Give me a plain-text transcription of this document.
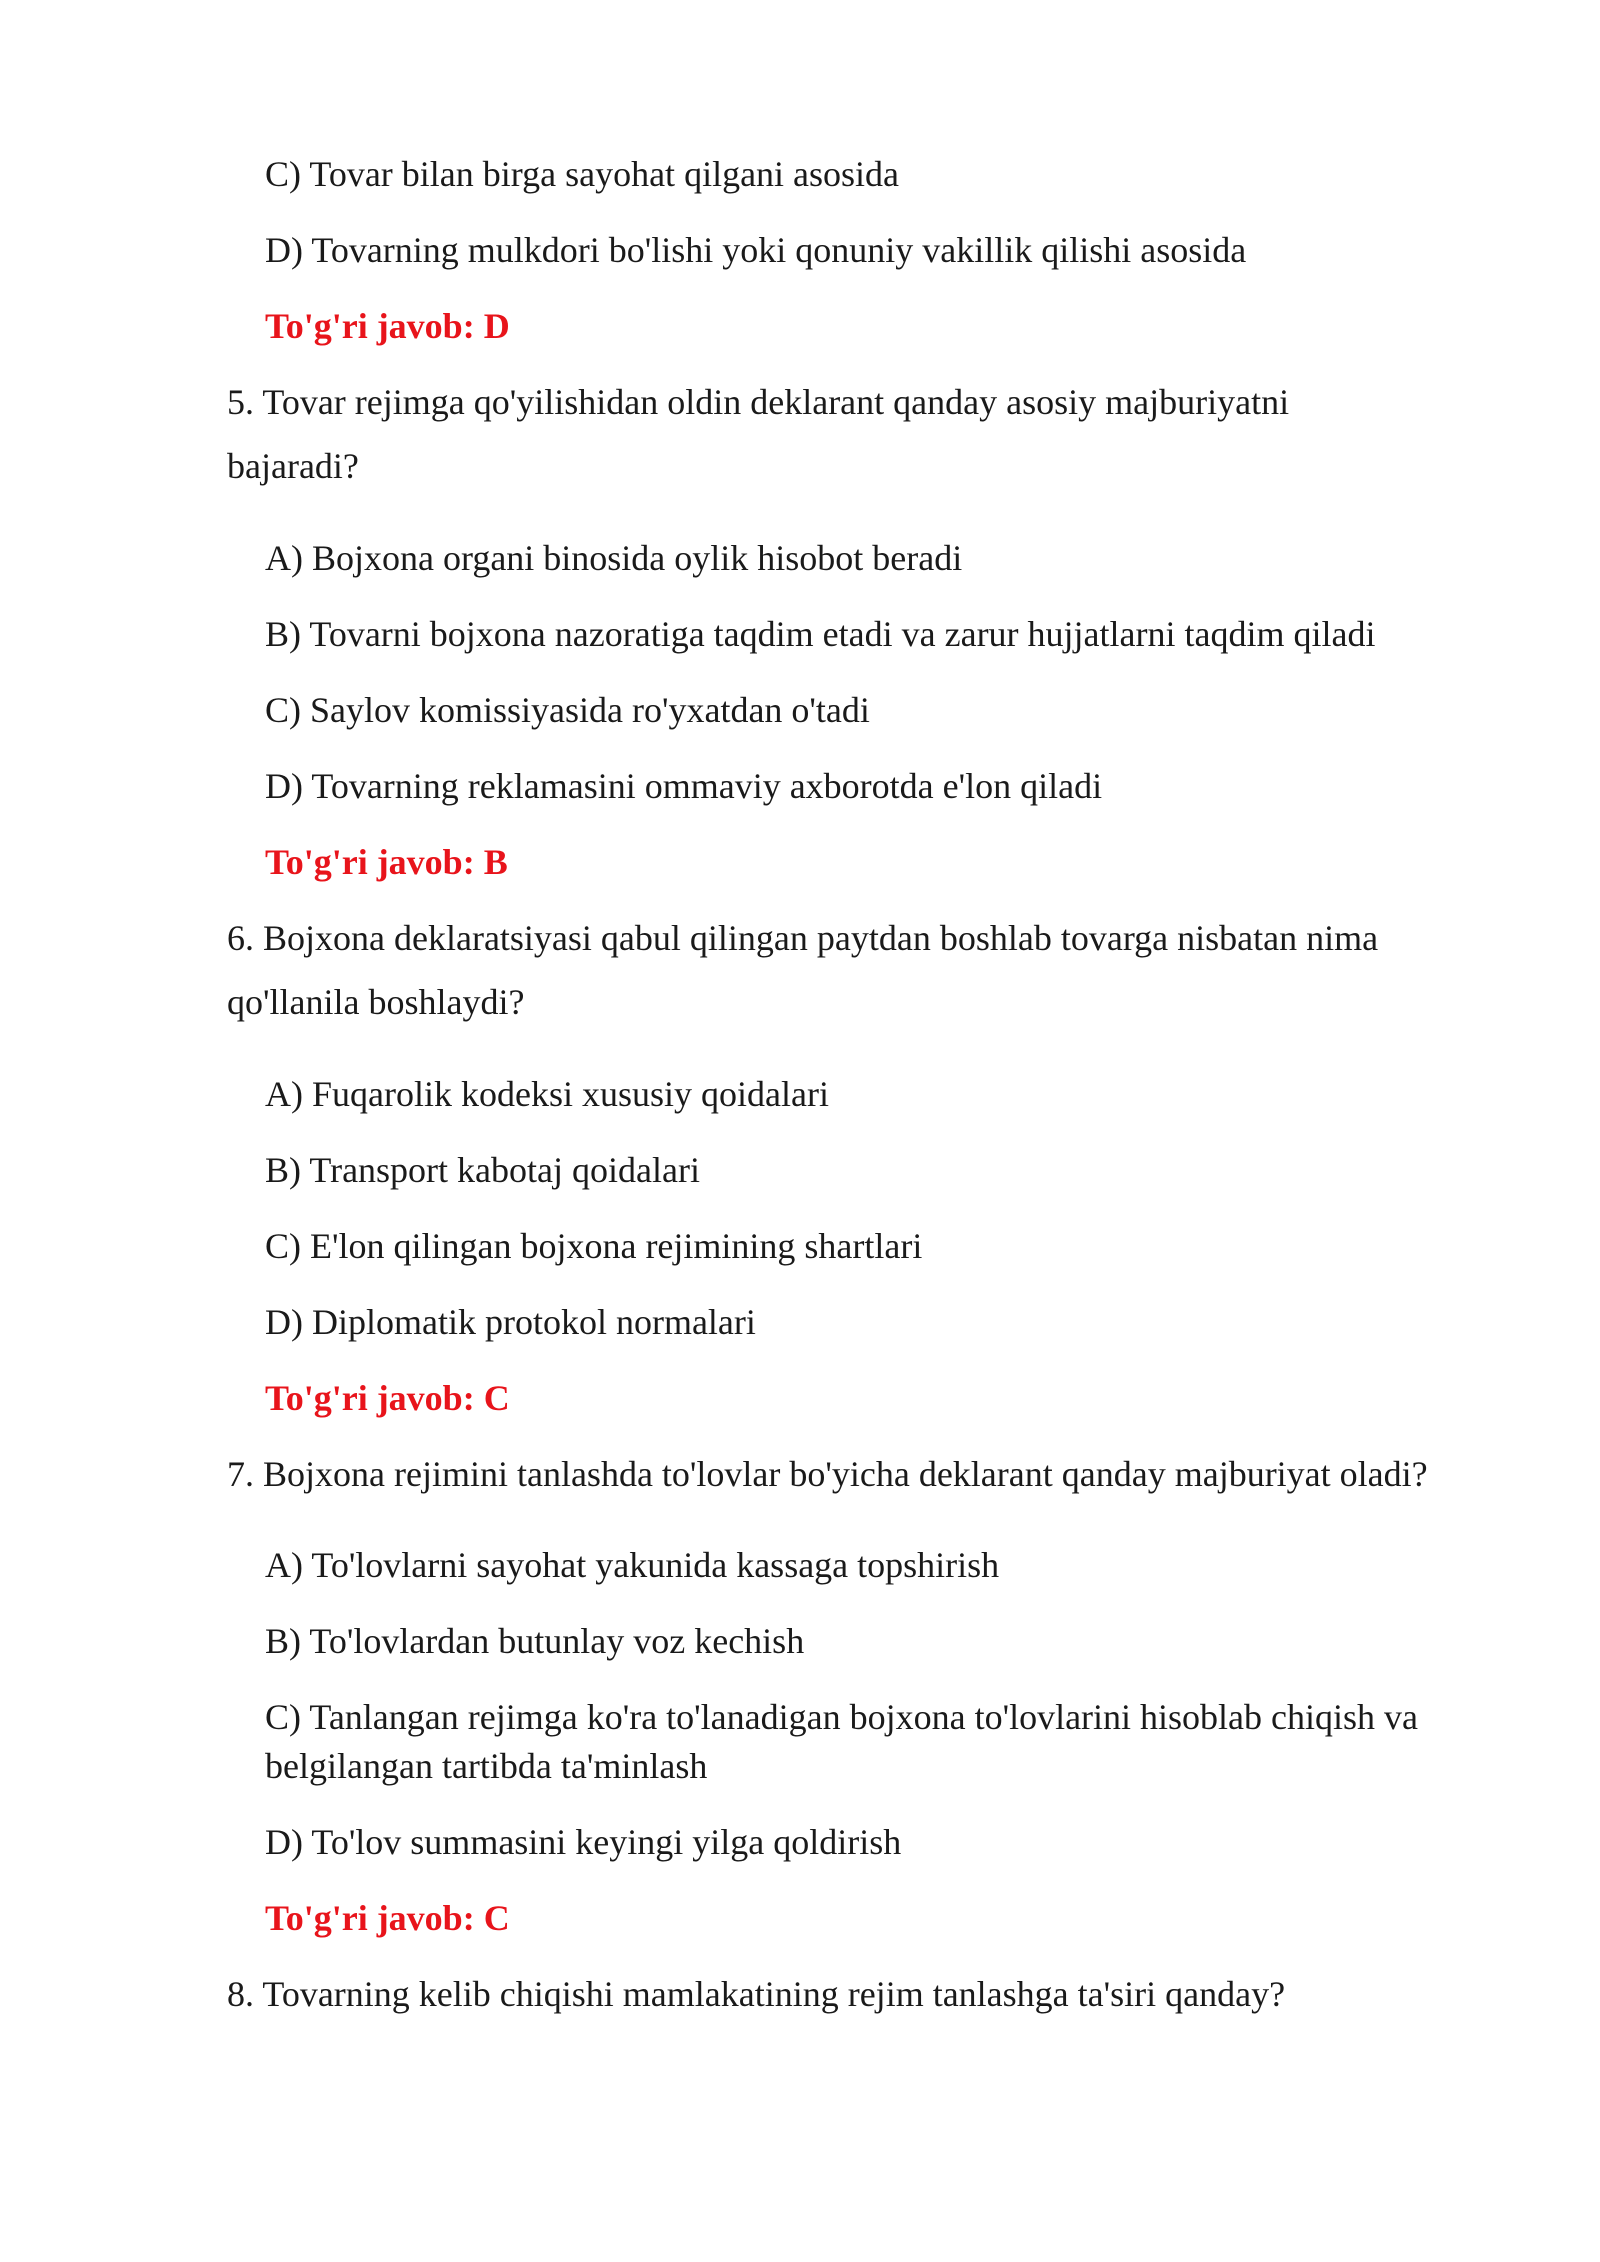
C) Tovar bilan birga sayohat qilgani asosida
D) Tovarning mulkdori bo'lishi yoki qonuniy vakillik qilishi asosida
To'g'ri javob: D
5. Tovar rejimga qo'yilishidan oldin deklarant qanday asosiy majburiyatni
bajaradi?
A) Bojxona organi binosida oylik hisobot beradi
B) Tovarni bojxona nazoratiga taqdim etadi va zarur hujjatlarni taqdim qiladi
C) Saylov komissiyasida ro'yxatdan o'tadi
D) Tovarning reklamasini ommaviy axborotda e'lon qiladi
To'g'ri javob: B
6. Bojxona deklaratsiyasi qabul qilingan paytdan boshlab tovarga nisbatan nima
qo'llanila boshlaydi?
A) Fuqarolik kodeksi xususiy qoidalari
B) Transport kabotaj qoidalari
C) E'lon qilingan bojxona rejimining shartlari
D) Diplomatik protokol normalari
To'g'ri javob: C
7. Bojxona rejimini tanlashda to'lovlar bo'yicha deklarant qanday majburiyat oladi?
A) To'lovlarni sayohat yakunida kassaga topshirish
B) To'lovlardan butunlay voz kechish
C) Tanlangan rejimga ko'ra to'lanadigan bojxona to'lovlarini hisoblab chiqish va
belgilangan tartibda ta'minlash
D) To'lov summasini keyingi yilga qoldirish
To'g'ri javob: C
8. Tovarning kelib chiqishi mamlakatining rejim tanlashga ta'siri qanday?
